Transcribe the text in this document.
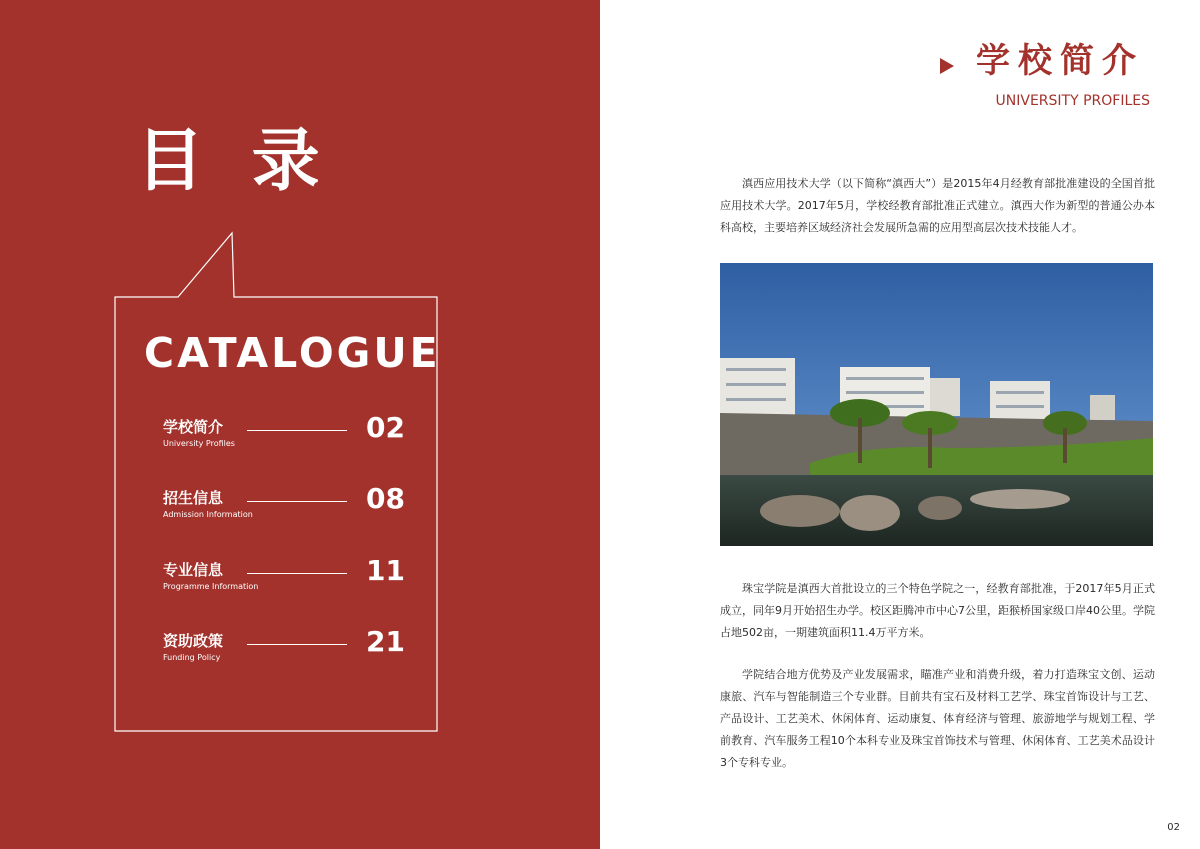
目 录
CATALOGUE
学校简介
University Profiles	02
招生信息
Admission Information	08
专业信息
Programme Information	11
资助政策
Funding Policy	21
学校简介
UNIVERSITY PROFILES
滇西应用技术大学（以下简称“滇西大”）是2015年4月经教育部批准建设的全国首批应用技术大学。2017年5月，学校经教育部批准正式建立。滇西大作为新型的普通公办本科高校，主要培养区域经济社会发展所急需的应用型高层次技术技能人才。
珠宝学院是滇西大首批设立的三个特色学院之一，经教育部批准，于2017年5月正式成立，同年9月开始招生办学。校区距腾冲市中心7公里，距猴桥国家级口岸40公里。学院占地502亩，一期建筑面积11.4万平方米。
学院结合地方优势及产业发展需求，瞄准产业和消费升级，着力打造珠宝文创、运动康旅、汽车与智能制造三个专业群。目前共有宝石及材料工艺学、珠宝首饰设计与工艺、产品设计、工艺美术、休闲体育、运动康复、体育经济与管理、旅游地学与规划工程、学前教育、汽车服务工程10个本科专业及珠宝首饰技术与管理、休闲体育、工艺美术品设计3个专科专业。
02
